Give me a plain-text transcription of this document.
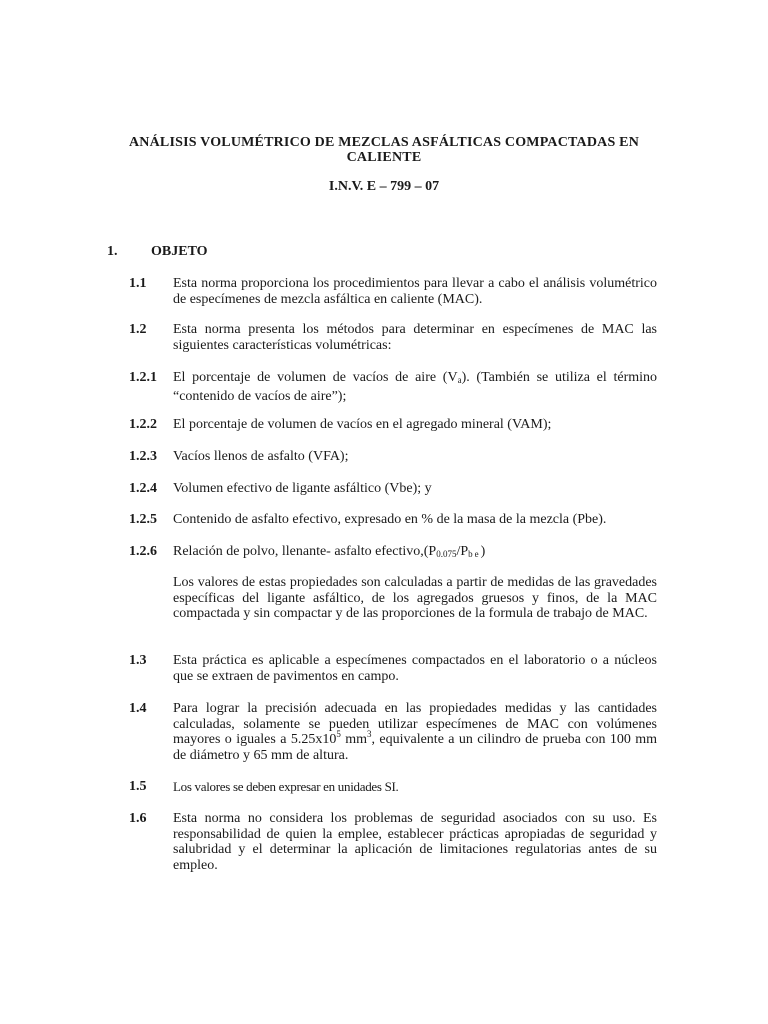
ANÁLISIS VOLUMÉTRICO DE MEZCLAS ASFÁLTICAS COMPACTADAS EN CALIENTE
I.N.V. E – 799 – 07
1. OBJETO
1.1 Esta norma proporciona los procedimientos para llevar a cabo el análisis volumétrico de especímenes de mezcla asfáltica en caliente (MAC).
1.2 Esta norma presenta los métodos para determinar en especímenes de MAC las siguientes características volumétricas:
1.2.1 El porcentaje de volumen de vacíos de aire $(V_a)$. (También se utiliza el término “contenido de vacíos de aire”);
1.2.2 El porcentaje de volumen de vacíos en el agregado mineral (VAM);
1.2.3 Vacíos llenos de asfalto (VFA);
1.2.4 Volumen efectivo de ligante asfáltico (Vbe); y
1.2.5 Contenido de asfalto efectivo, expresado en % de la masa de la mezcla (Pbe).
1.2.6 Relación de polvo, llenante- asfalto $efectivo,(P_{0.075}/P_{be})$
Los valores de estas propiedades son calculadas a partir de medidas de las gravedades específicas del ligante asfáltico, de los agregados gruesos y finos, de la MAC compactada y sin compactar y de las proporciones de la formula de trabajo de MAC.
1.3 Esta práctica es aplicable a especímenes compactados en el laboratorio o a núcleos que se extraen de pavimentos en campo.
1.4 Para lograr la precisión adecuada en las propiedades medidas y las cantidades calculadas, solamente se pueden utilizar especímenes de MAC con volúmenes mayores o iguales a $5.25x10^5$ $mm^3$, equivalente a un cilindro de prueba con 100 mm de diámetro y 65 mm de altura.
1.5 Los valores se deben expresar en unidades SI.
1.6 Esta norma no considera los problemas de seguridad asociados con su uso. Es responsabilidad de quien la emplee, establecer prácticas apropiadas de seguridad y salubridad y el determinar la aplicación de limitaciones regulatorias antes de su empleo.
